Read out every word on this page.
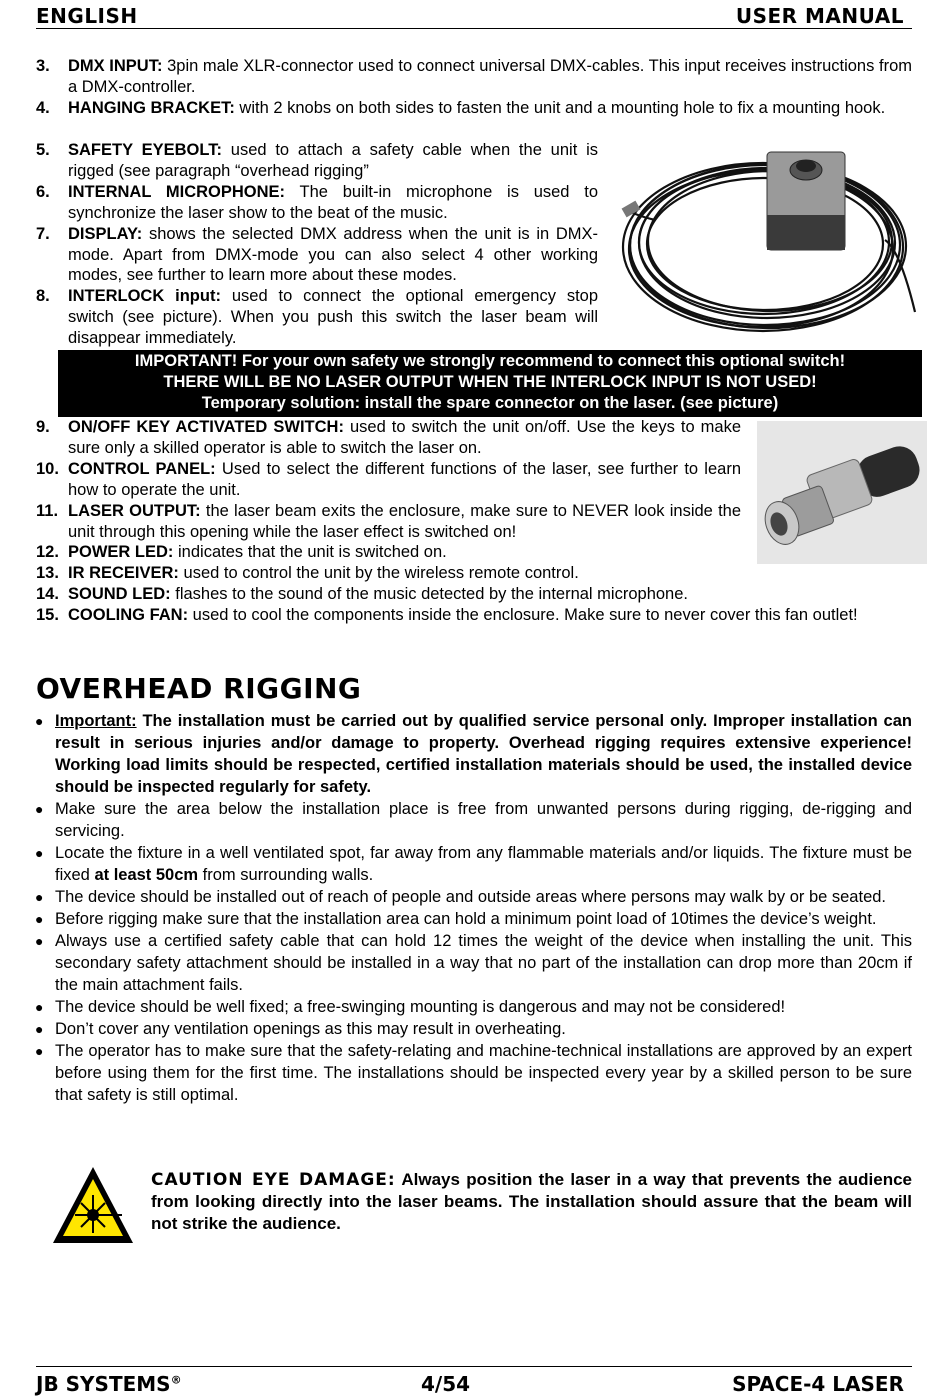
ENGLISH	USER MANUAL
3. DMX INPUT: 3pin male XLR-connector used to connect universal DMX-cables. This input receives instructions from a DMX-controller.
4. HANGING BRACKET: with 2 knobs on both sides to fasten the unit and a mounting hole to fix a mounting hook.
5. SAFETY EYEBOLT: used to attach a safety cable when the unit is rigged (see paragraph “overhead rigging”
6. INTERNAL MICROPHONE: The built-in microphone is used to synchronize the laser show to the beat of the music.
7. DISPLAY: shows the selected DMX address when the unit is in DMX-mode. Apart from DMX-mode you can also select 4 other working modes, see further to learn more about these modes.
8. INTERLOCK input: used to connect the optional emergency stop switch (see picture). When you push this switch the laser beam will disappear immediately.
IMPORTANT! For your own safety we strongly recommend to connect this optional switch!
THERE WILL BE NO LASER OUTPUT WHEN THE INTERLOCK INPUT IS NOT USED!
Temporary solution: install the spare connector on the laser. (see picture)
9. ON/OFF KEY ACTIVATED SWITCH: used to switch the unit on/off. Use the keys to make sure only a skilled operator is able to switch the laser on.
10. CONTROL PANEL: Used to select the different functions of the laser, see further to learn how to operate the unit.
11. LASER OUTPUT: the laser beam exits the enclosure, make sure to NEVER look inside the unit through this opening while the laser effect is switched on!
12. POWER LED: indicates that the unit is switched on.
13. IR RECEIVER: used to control the unit by the wireless remote control.
14. SOUND LED: flashes to the sound of the music detected by the internal microphone.
15. COOLING FAN: used to cool the components inside the enclosure. Make sure to never cover this fan outlet!
OVERHEAD RIGGING
● Important: The installation must be carried out by qualified service personal only. Improper installation can result in serious injuries and/or damage to property. Overhead rigging requires extensive experience! Working load limits should be respected, certified installation materials should be used, the installed device should be inspected regularly for safety.
● Make sure the area below the installation place is free from unwanted persons during rigging, de-rigging and servicing.
● Locate the fixture in a well ventilated spot, far away from any flammable materials and/or liquids. The fixture must be fixed at least 50cm from surrounding walls.
● The device should be installed out of reach of people and outside areas where persons may walk by or be seated.
● Before rigging make sure that the installation area can hold a minimum point load of 10times the device’s weight.
● Always use a certified safety cable that can hold 12 times the weight of the device when installing the unit. This secondary safety attachment should be installed in a way that no part of the installation can drop more than 20cm if the main attachment fails.
● The device should be well fixed; a free-swinging mounting is dangerous and may not be considered!
● Don’t cover any ventilation openings as this may result in overheating.
● The operator has to make sure that the safety-relating and machine-technical installations are approved by an expert before using them for the first time. The installations should be inspected every year by a skilled person to be sure that safety is still optimal.
CAUTION EYE DAMAGE: Always position the laser in a way that prevents the audience from looking directly into the laser beams. The installation should assure that the beam will not strike the audience.
JB SYSTEMS®	4/54	SPACE-4 LASER
